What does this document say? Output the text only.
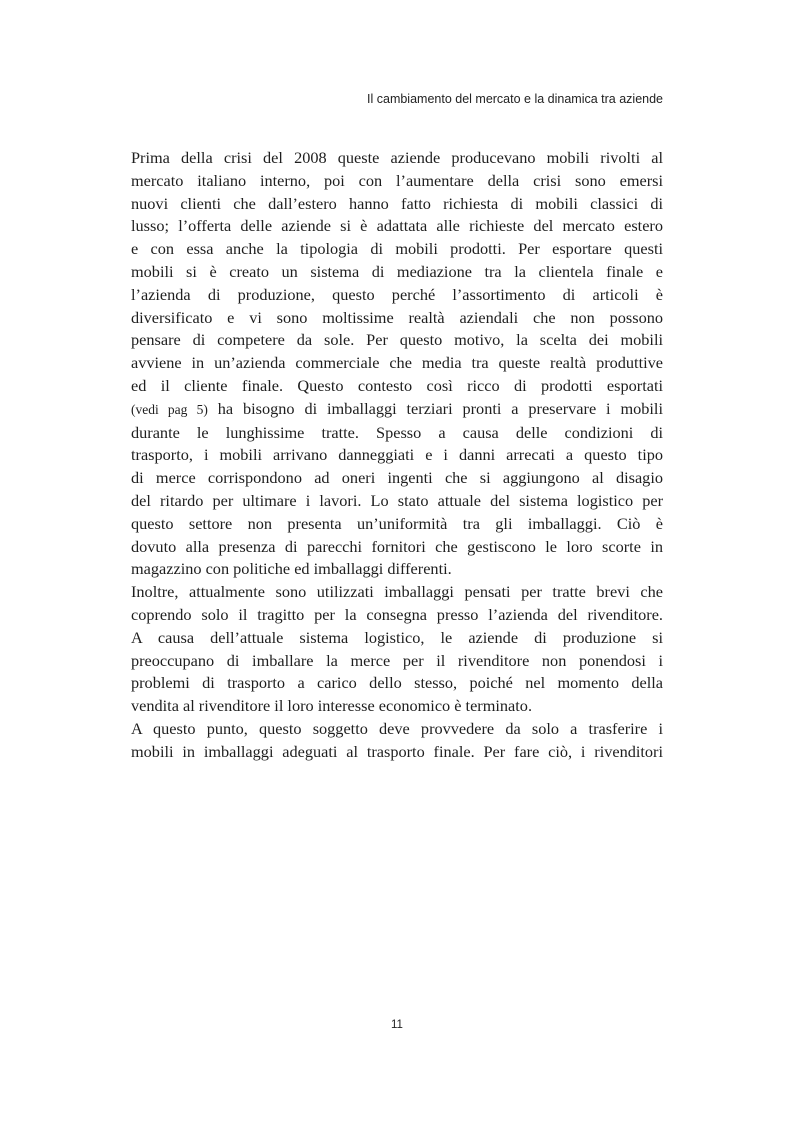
Il cambiamento del mercato e la dinamica tra aziende
Prima della crisi del 2008 queste aziende producevano mobili rivolti al
mercato italiano interno, poi con l’aumentare della crisi sono emersi
nuovi clienti che dall’estero hanno fatto richiesta di mobili classici di
lusso; l’offerta delle aziende si è adattata alle richieste del mercato estero
e con essa anche la tipologia di mobili prodotti. Per esportare questi
mobili si è creato un sistema di mediazione tra la clientela finale e
l’azienda di produzione, questo perché l’assortimento di articoli è
diversificato e vi sono moltissime realtà aziendali che non possono
pensare di competere da sole. Per questo motivo, la scelta dei mobili
avviene in un’azienda commerciale che media tra queste realtà produttive
ed il cliente finale. Questo contesto così ricco di prodotti esportati
(vedi pag 5) ha bisogno di imballaggi terziari pronti a preservare i mobili
durante le lunghissime tratte. Spesso a causa delle condizioni di
trasporto, i mobili arrivano danneggiati e i danni arrecati a questo tipo
di merce corrispondono ad oneri ingenti che si aggiungono al disagio
del ritardo per ultimare i lavori. Lo stato attuale del sistema logistico per
questo settore non presenta un’uniformità tra gli imballaggi. Ciò è
dovuto alla presenza di parecchi fornitori che gestiscono le loro scorte in
magazzino con politiche ed imballaggi differenti.
Inoltre, attualmente sono utilizzati imballaggi pensati per tratte brevi che
coprendo solo il tragitto per la consegna presso l’azienda del rivenditore.
A causa dell’attuale sistema logistico, le aziende di produzione si
preoccupano di imballare la merce per il rivenditore non ponendosi i
problemi di trasporto a carico dello stesso, poiché nel momento della
vendita al rivenditore il loro interesse economico è terminato.
A questo punto, questo soggetto deve provvedere da solo a trasferire i
mobili in imballaggi adeguati al trasporto finale. Per fare ciò, i rivenditori
11
